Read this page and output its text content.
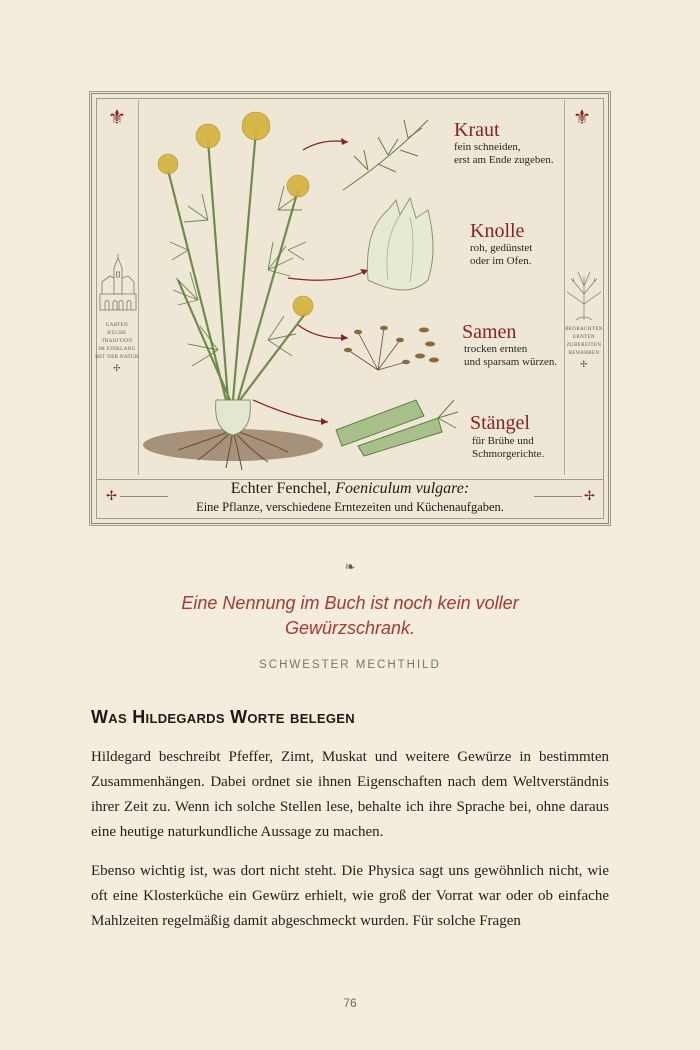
⚜	⚜
✢	✢
GARTEN
KÜCHE
TRADITION
IM EINKLANG
MIT DER NATUR
✢
BEOBACHTEN
ERNTEN
ZUBEREITEN
BEWAHREN
✢
Kraut
fein schneiden,
erst am Ende zugeben.
Knolle
roh, gedünstet
oder im Ofen.
Samen
trocken ernten
und sparsam würzen.
Stängel
für Brühe und
Schmorgerichte.
Echter Fenchel, Foeniculum vulgare:
Eine Pflanze, verschiedene Erntezeiten und Küchenaufgaben.
❧
Eine Nennung im Buch ist noch kein voller
Gewürzschrank.
SCHWESTER MECHTHILD
Was Hildegards Worte belegen

Hildegard beschreibt Pfeffer, Zimt, Muskat und weitere Gewürze in bestimmten Zusammenhängen. Dabei ordnet sie ihnen Eigenschaften nach dem Weltverständnis ihrer Zeit zu. Wenn ich solche Stellen lese, behalte ich ihre Sprache bei, ohne daraus eine heutige naturkundliche Aussage zu machen.

Ebenso wichtig ist, was dort nicht steht. Die Physica sagt uns gewöhnlich nicht, wie oft eine Klosterküche ein Gewürz erhielt, wie groß der Vorrat war oder ob einfache Mahlzeiten regelmäßig damit abgeschmeckt wurden. Für solche Fragen

76
